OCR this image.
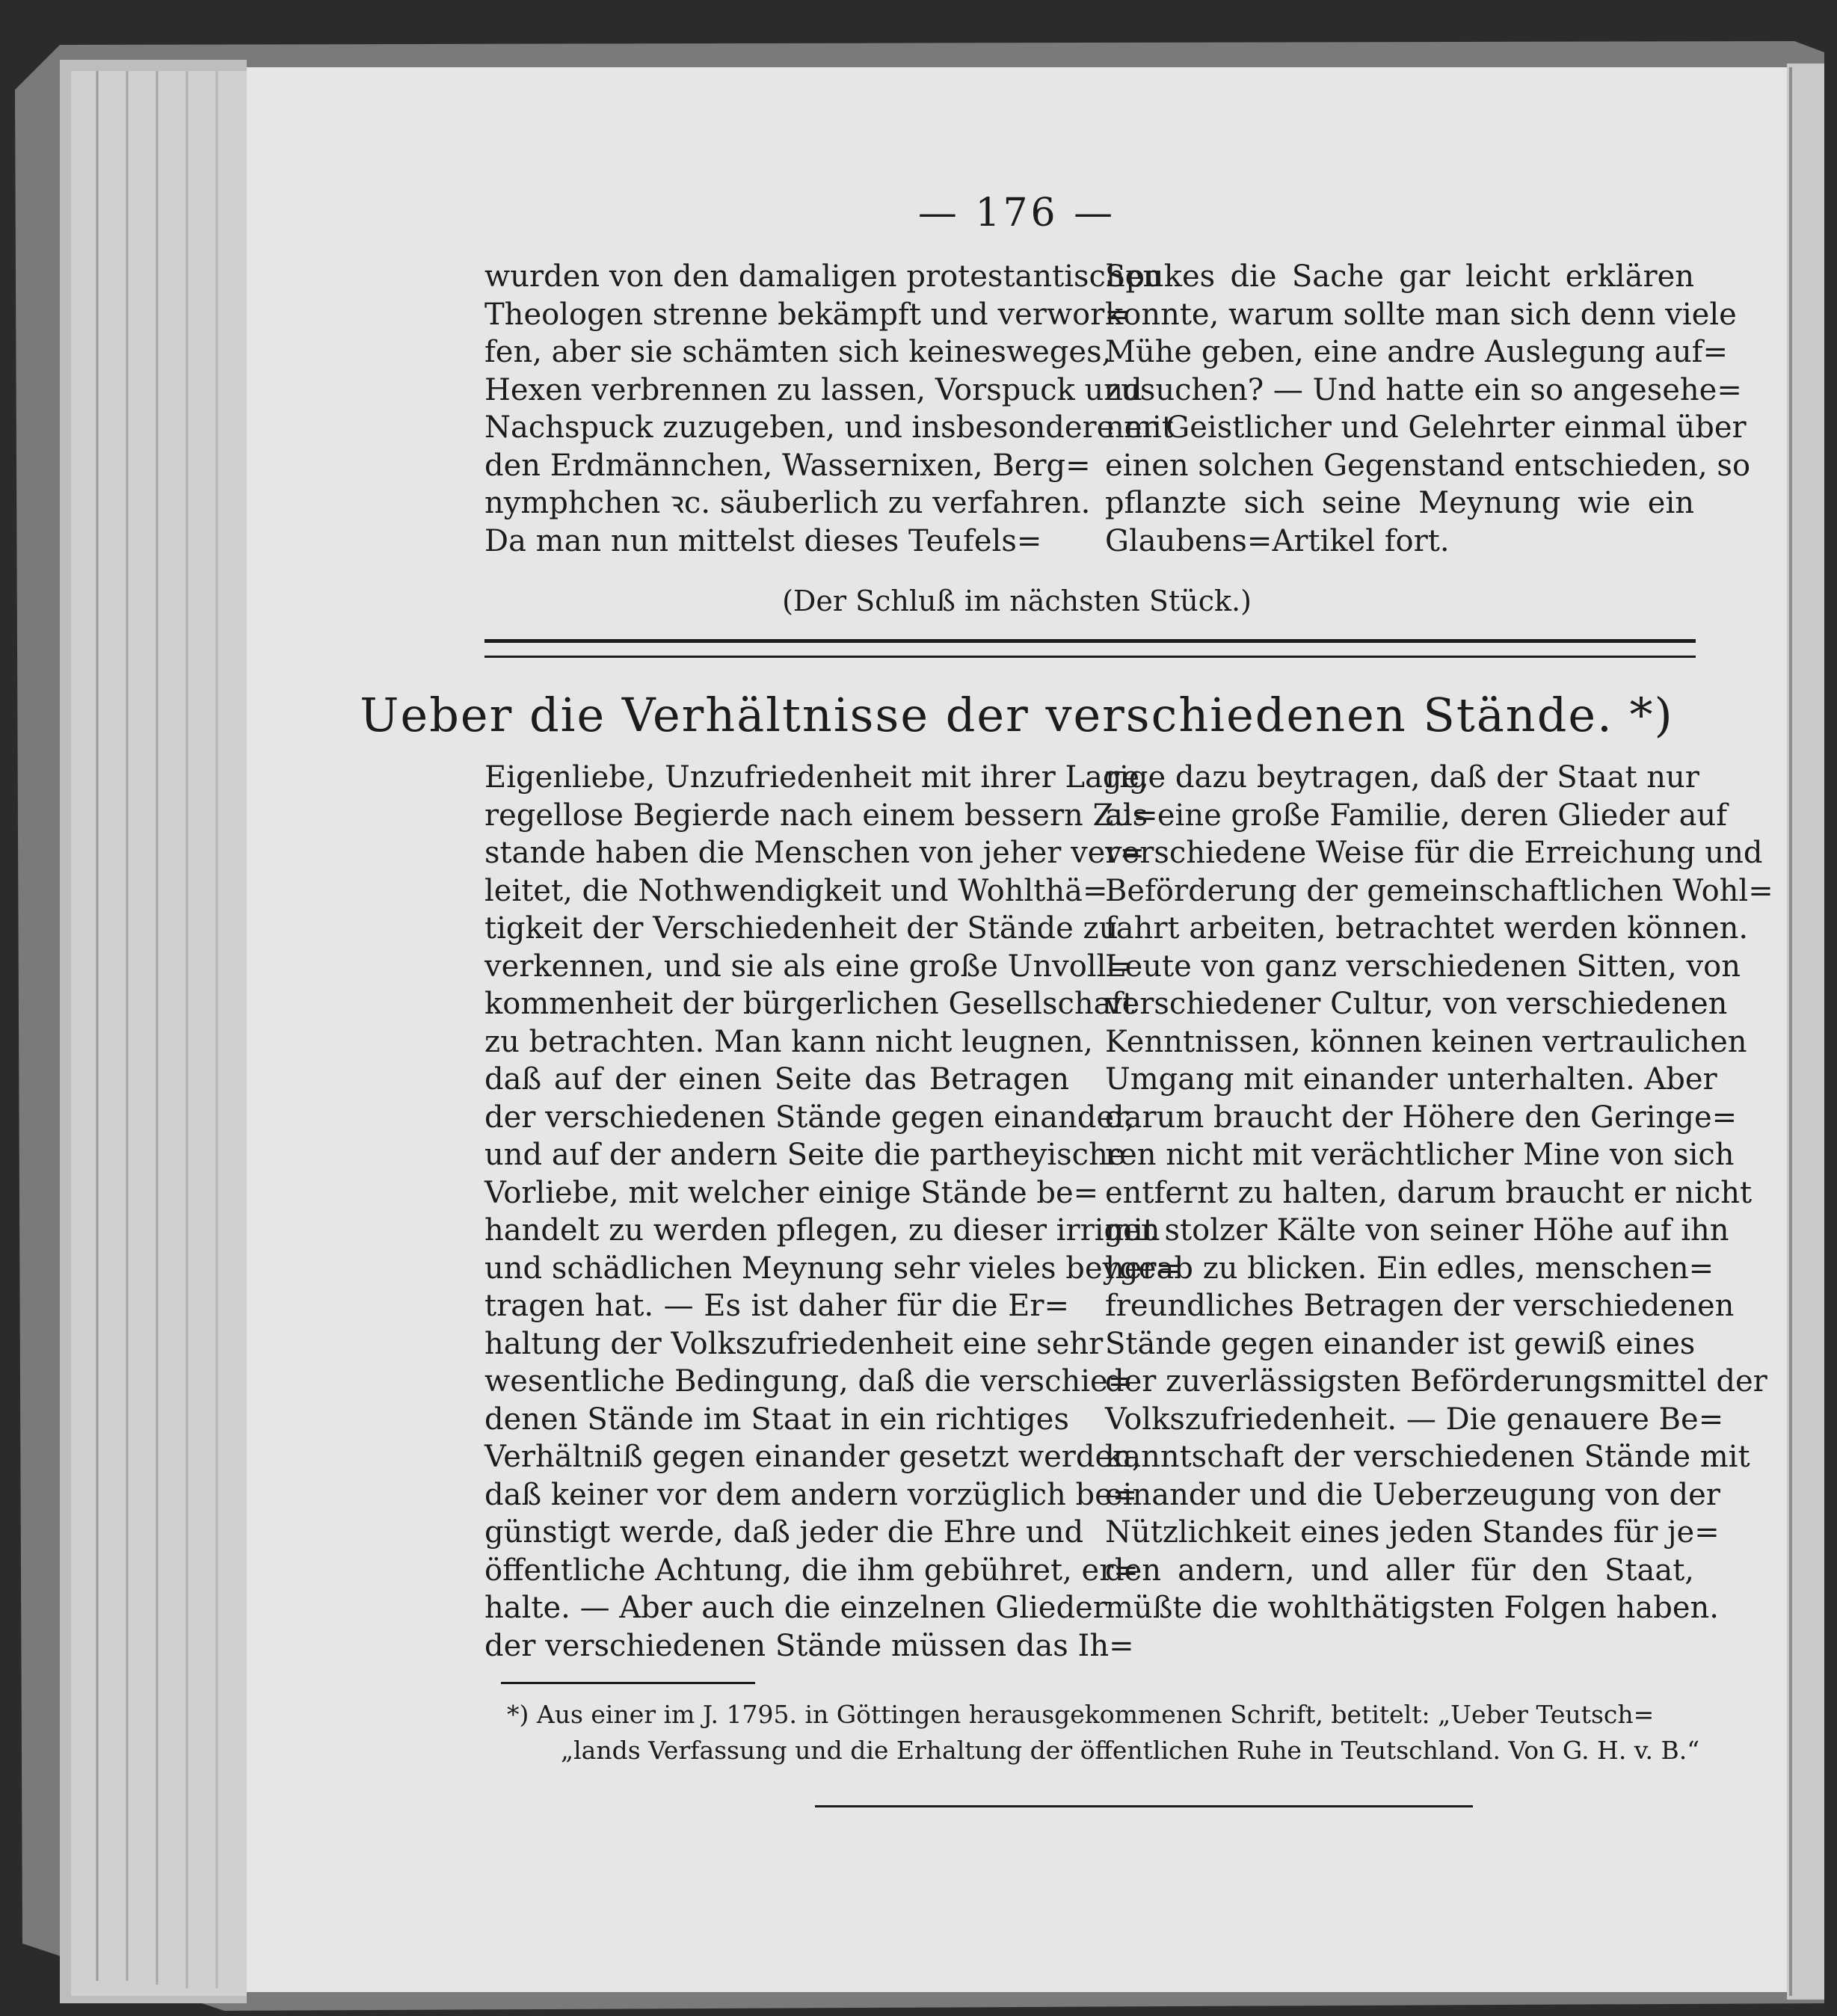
— 176 —
wurden von den damaligen protestantischen
Theologen strenne bekämpft und verwor=
fen, aber sie schämten sich keinesweges,
Hexen verbrennen zu lassen, Vorspuck und
Nachspuck zuzugeben, und insbesondere mit
den Erdmännchen, Wassernixen, Berg=
nymphchen ꝛc. säuberlich zu verfahren.
Da man nun mittelst dieses Teufels=
Spukes die Sache gar leicht erklären
konnte, warum sollte man sich denn viele
Mühe geben, eine andre Auslegung auf=
zusuchen? — Und hatte ein so angesehe=
ner Geistlicher und Gelehrter einmal über
einen solchen Gegenstand entschieden, so
pflanzte sich seine Meynung wie ein
Glaubens=Artikel fort.
(Der Schluß im nächsten Stück.)
Ueber die Verhältnisse der verschiedenen Stände. *)
Eigenliebe, Unzufriedenheit mit ihrer Lage,
regellose Begierde nach einem bessern Zu=
stande haben die Menschen von jeher ver=
leitet, die Nothwendigkeit und Wohlthä=
tigkeit der Verschiedenheit der Stände zu
verkennen, und sie als eine große Unvoll=
kommenheit der bürgerlichen Gesellschaft
zu betrachten. Man kann nicht leugnen,
daß auf der einen Seite das Betragen
der verschiedenen Stände gegen einander,
und auf der andern Seite die partheyische
Vorliebe, mit welcher einige Stände be=
handelt zu werden pflegen, zu dieser irrigen
und schädlichen Meynung sehr vieles beyge=
tragen hat. — Es ist daher für die Er=
haltung der Volkszufriedenheit eine sehr
wesentliche Bedingung, daß die verschie=
denen Stände im Staat in ein richtiges
Verhältniß gegen einander gesetzt werden,
daß keiner vor dem andern vorzüglich be=
günstigt werde, daß jeder die Ehre und
öffentliche Achtung, die ihm gebühret, er=
halte. — Aber auch die einzelnen Glieder
der verschiedenen Stände müssen das Ih=
rige dazu beytragen, daß der Staat nur
als eine große Familie, deren Glieder auf
verschiedene Weise für die Erreichung und
Beförderung der gemeinschaftlichen Wohl=
fahrt arbeiten, betrachtet werden können.
Leute von ganz verschiedenen Sitten, von
verschiedener Cultur, von verschiedenen
Kenntnissen, können keinen vertraulichen
Umgang mit einander unterhalten. Aber
darum braucht der Höhere den Geringe=
ren nicht mit verächtlicher Mine von sich
entfernt zu halten, darum braucht er nicht
mit stolzer Kälte von seiner Höhe auf ihn
herab zu blicken. Ein edles, menschen=
freundliches Betragen der verschiedenen
Stände gegen einander ist gewiß eines
der zuverlässigsten Beförderungsmittel der
Volkszufriedenheit. — Die genauere Be=
kanntschaft der verschiedenen Stände mit
einander und die Ueberzeugung von der
Nützlichkeit eines jeden Standes für je=
den andern, und aller für den Staat,
müßte die wohlthätigsten Folgen haben.
*) Aus einer im J. 1795. in Göttingen herausgekommenen Schrift, betitelt: „Ueber Teutsch=
„lands Verfassung und die Erhaltung der öffentlichen Ruhe in Teutschland. Von G. H. v. B.“
